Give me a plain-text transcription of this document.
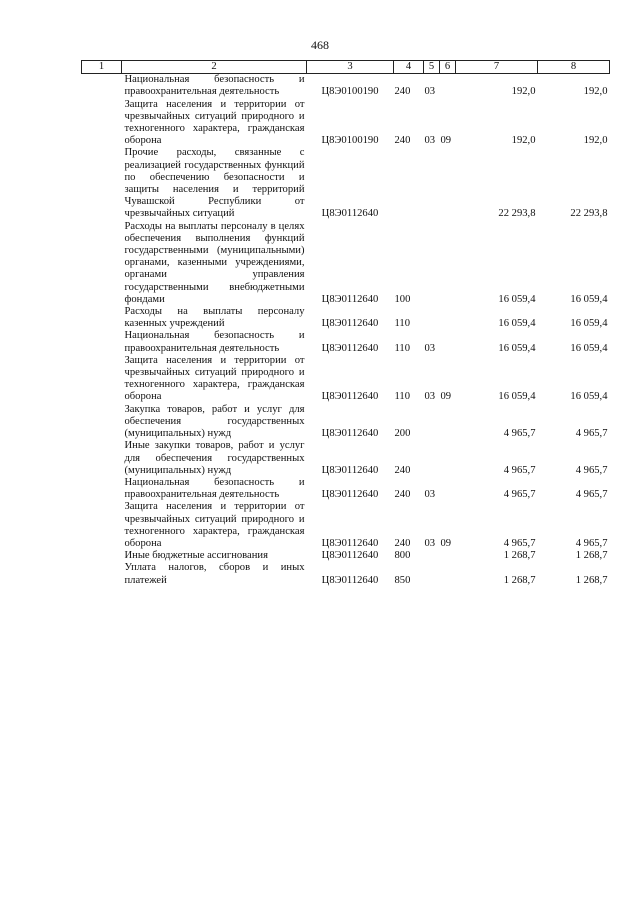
468
1	2	3	4	5	6	7	8
	Национальная безопасность и правоохранительная деятельность	Ц8Э0100190	240	03		192,0	192,0
	Защита населения и территории от чрезвычайных ситуаций природного и техногенного характера, гражданская оборона	Ц8Э0100190	240	03	09	192,0	192,0
	Прочие расходы, связанные с реализацией государственных функций по обеспечению безопасности и защиты населения и территорий Чувашской Республики от чрезвычайных ситуаций	Ц8Э0112640				22 293,8	22 293,8
	Расходы на выплаты персоналу в целях обеспечения выполнения функций государственными (муниципальными) органами, казенными учреждениями, органами управления государственными внебюджетными фондами	Ц8Э0112640	100			16 059,4	16 059,4
	Расходы на выплаты персоналу казенных учреждений	Ц8Э0112640	110			16 059,4	16 059,4
	Национальная безопасность и правоохранительная деятельность	Ц8Э0112640	110	03		16 059,4	16 059,4
	Защита населения и территории от чрезвычайных ситуаций природного и техногенного характера, гражданская оборона	Ц8Э0112640	110	03	09	16 059,4	16 059,4
	Закупка товаров, работ и услуг для обеспечения государственных (муниципальных) нужд	Ц8Э0112640	200			4 965,7	4 965,7
	Иные закупки товаров, работ и услуг для обеспечения государственных (муниципальных) нужд	Ц8Э0112640	240			4 965,7	4 965,7
	Национальная безопасность и правоохранительная деятельность	Ц8Э0112640	240	03		4 965,7	4 965,7
	Защита населения и территории от чрезвычайных ситуаций природного и техногенного характера, гражданская оборона	Ц8Э0112640	240	03	09	4 965,7	4 965,7
	Иные бюджетные ассигнования	Ц8Э0112640	800			1 268,7	1 268,7
	Уплата налогов, сборов и иных платежей	Ц8Э0112640	850			1 268,7	1 268,7
